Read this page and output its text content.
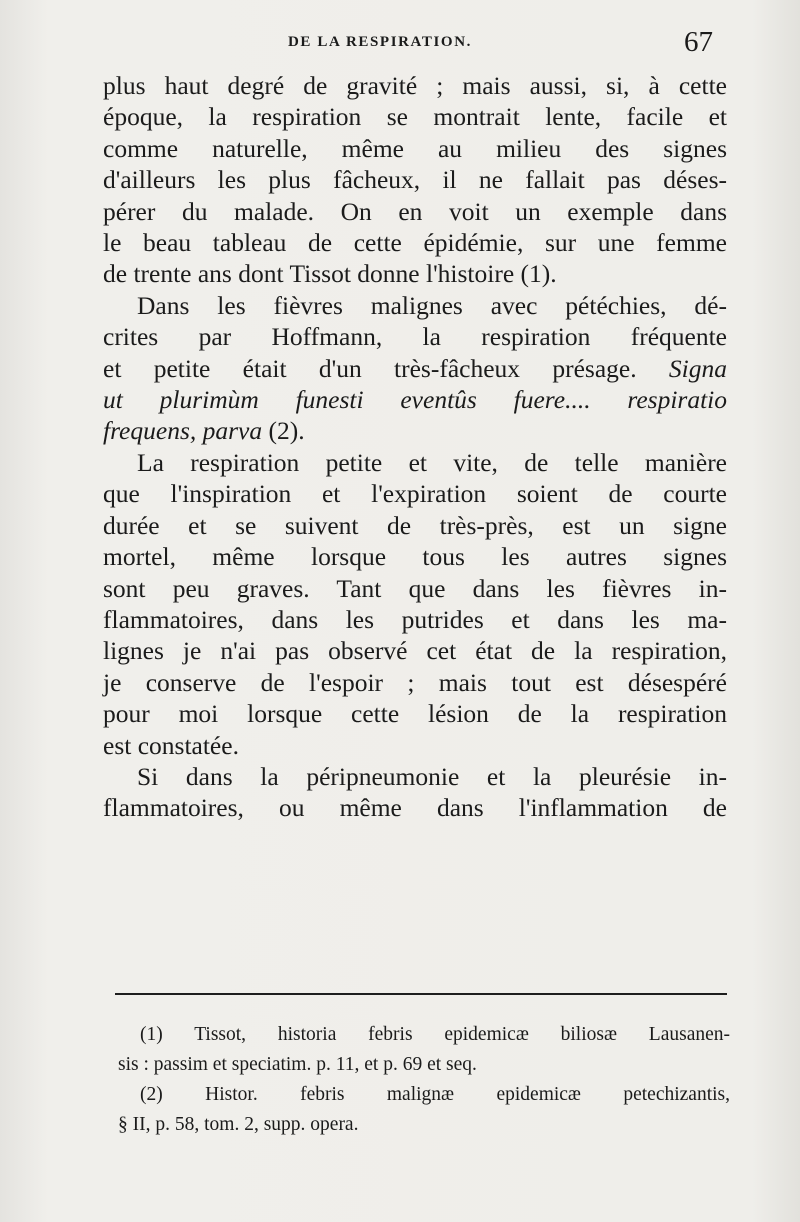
DE LA RESPIRATION.	67

plus haut degré de gravité ; mais aussi, si, à cette
époque, la respiration se montrait lente, facile et
comme naturelle, même au milieu des signes
d'ailleurs les plus fâcheux, il ne fallait pas déses-
pérer du malade. On en voit un exemple dans
le beau tableau de cette épidémie, sur une femme
de trente ans dont Tissot donne l'histoire (1).

Dans les fièvres malignes avec pétéchies, dé-
crites par Hoffmann, la respiration fréquente
et petite était d'un très-fâcheux présage. Signa
ut plurimùm funesti eventûs fuere.... respiratio
frequens, parva (2).

La respiration petite et vite, de telle manière
que l'inspiration et l'expiration soient de courte
durée et se suivent de très-près, est un signe
mortel, même lorsque tous les autres signes
sont peu graves. Tant que dans les fièvres in-
flammatoires, dans les putrides et dans les ma-
lignes je n'ai pas observé cet état de la respiration,
je conserve de l'espoir ; mais tout est désespéré
pour moi lorsque cette lésion de la respiration
est constatée.

Si dans la péripneumonie et la pleurésie in-
flammatoires, ou même dans l'inflammation de

(1) Tissot, historia febris epidemicæ biliosæ Lausanen-
sis : passim et speciatim. p. 11, et p. 69 et seq.
(2) Histor. febris malignæ epidemicæ petechizantis,
§ II, p. 58, tom. 2, supp. opera.
